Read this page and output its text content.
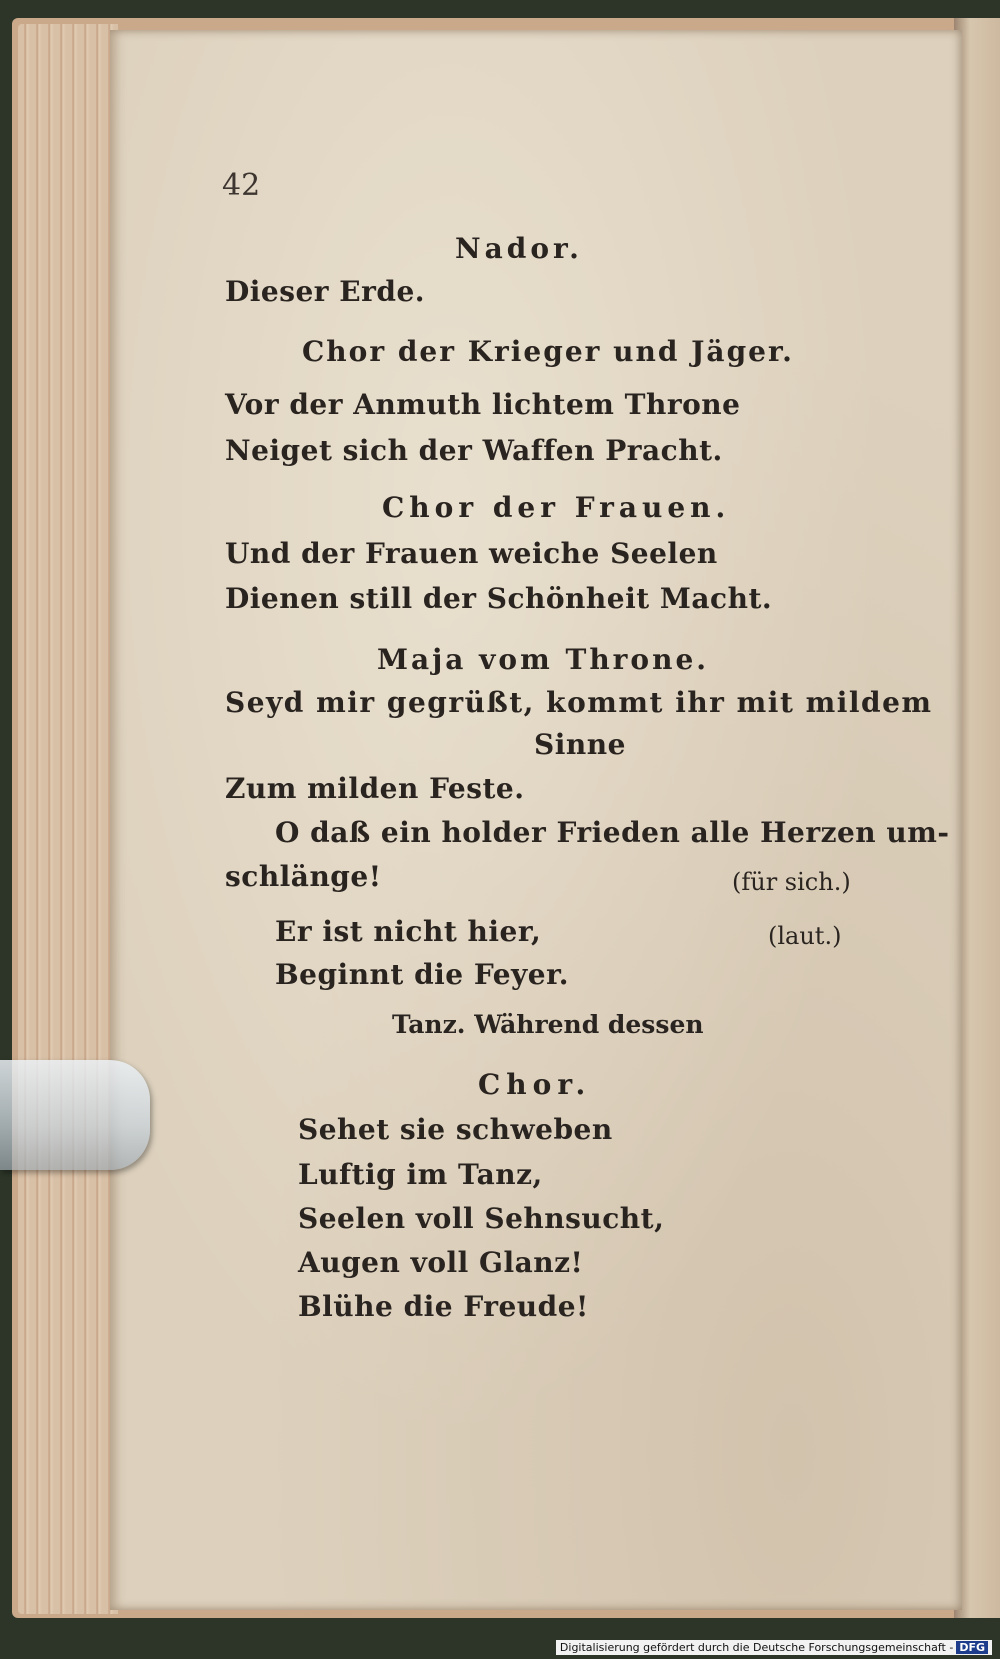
42
Nador.
Dieser Erde.
Chor der Krieger und Jäger.
Vor der Anmuth lichtem Throne
Neiget sich der Waffen Pracht.
Chor der Frauen.
Und der Frauen weiche Seelen
Dienen still der Schönheit Macht.
Maja vom Throne.
Seyd mir gegrüßt, kommt ihr mit mildem
Sinne
Zum milden Feste.
O daß ein holder Frieden alle Herzen um-
schlänge!	(für sich.)
Er ist nicht hier,	(laut.)
Beginnt die Feyer.
Tanz. Während dessen
Chor.
Sehet sie schweben
Luftig im Tanz,
Seelen voll Sehnsucht,
Augen voll Glanz!
Blühe die Freude!
Digitalisierung gefördert durch die Deutsche Forschungsgemeinschaft - DFG
